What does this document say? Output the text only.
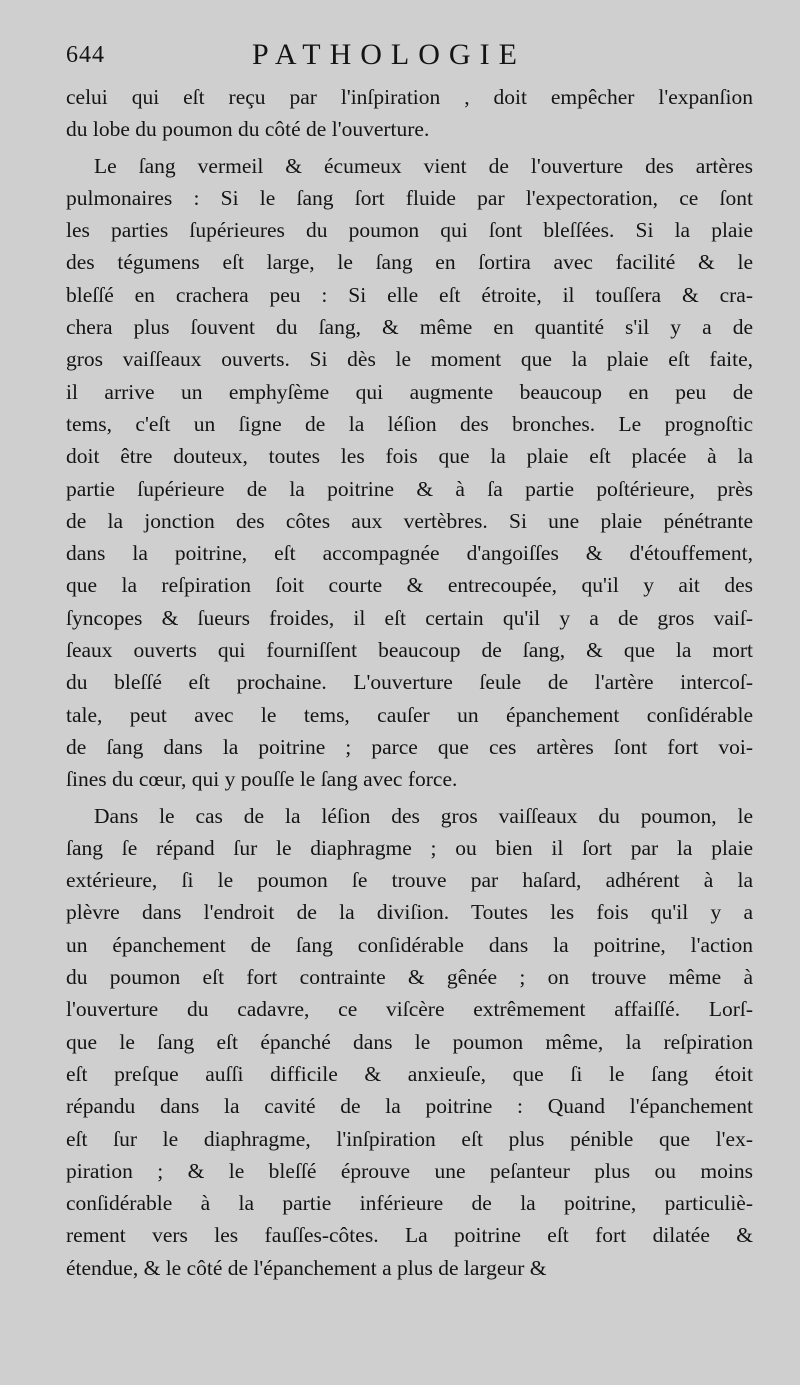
644	PATHOLOGIE
celui qui eſt reçu par l'inſpiration , doit empêcher l'expanſion
du lobe du poumon du côté de l'ouverture.
Le ſang vermeil & écumeux vient de l'ouverture des artères
pulmonaires : Si le ſang ſort fluide par l'expectoration, ce ſont
les parties ſupérieures du poumon qui ſont bleſſées. Si la plaie
des tégumens eſt large, le ſang en ſortira avec facilité & le
bleſſé en crachera peu : Si elle eſt étroite, il touſſera & cra-
chera plus ſouvent du ſang, & même en quantité s'il y a de
gros vaiſſeaux ouverts. Si dès le moment que la plaie eſt faite,
il arrive un emphyſème qui augmente beaucoup en peu de
tems, c'eſt un ſigne de la léſion des bronches. Le prognoſtic
doit être douteux, toutes les fois que la plaie eſt placée à la
partie ſupérieure de la poitrine & à ſa partie poſtérieure, près
de la jonction des côtes aux vertèbres. Si une plaie pénétrante
dans la poitrine, eſt accompagnée d'angoiſſes & d'étouffement,
que la reſpiration ſoit courte & entrecoupée, qu'il y ait des
ſyncopes & ſueurs froides, il eſt certain qu'il y a de gros vaiſ-
ſeaux ouverts qui fourniſſent beaucoup de ſang, & que la mort
du bleſſé eſt prochaine. L'ouverture ſeule de l'artère intercoſ-
tale, peut avec le tems, cauſer un épanchement conſidérable
de ſang dans la poitrine ; parce que ces artères ſont fort voi-
ſines du cœur, qui y pouſſe le ſang avec force.
Dans le cas de la léſion des gros vaiſſeaux du poumon, le
ſang ſe répand ſur le diaphragme ; ou bien il ſort par la plaie
extérieure, ſi le poumon ſe trouve par haſard, adhérent à la
plèvre dans l'endroit de la diviſion. Toutes les fois qu'il y a
un épanchement de ſang conſidérable dans la poitrine, l'action
du poumon eſt fort contrainte & gênée ; on trouve même à
l'ouverture du cadavre, ce viſcère extrêmement affaiſſé. Lorſ-
que le ſang eſt épanché dans le poumon même, la reſpiration
eſt preſque auſſi difficile & anxieuſe, que ſi le ſang étoit
répandu dans la cavité de la poitrine : Quand l'épanchement
eſt ſur le diaphragme, l'inſpiration eſt plus pénible que l'ex-
piration ; & le bleſſé éprouve une peſanteur plus ou moins
conſidérable à la partie inférieure de la poitrine, particuliè-
rement vers les fauſſes-côtes. La poitrine eſt fort dilatée &
étendue, & le côté de l'épanchement a plus de largeur &
